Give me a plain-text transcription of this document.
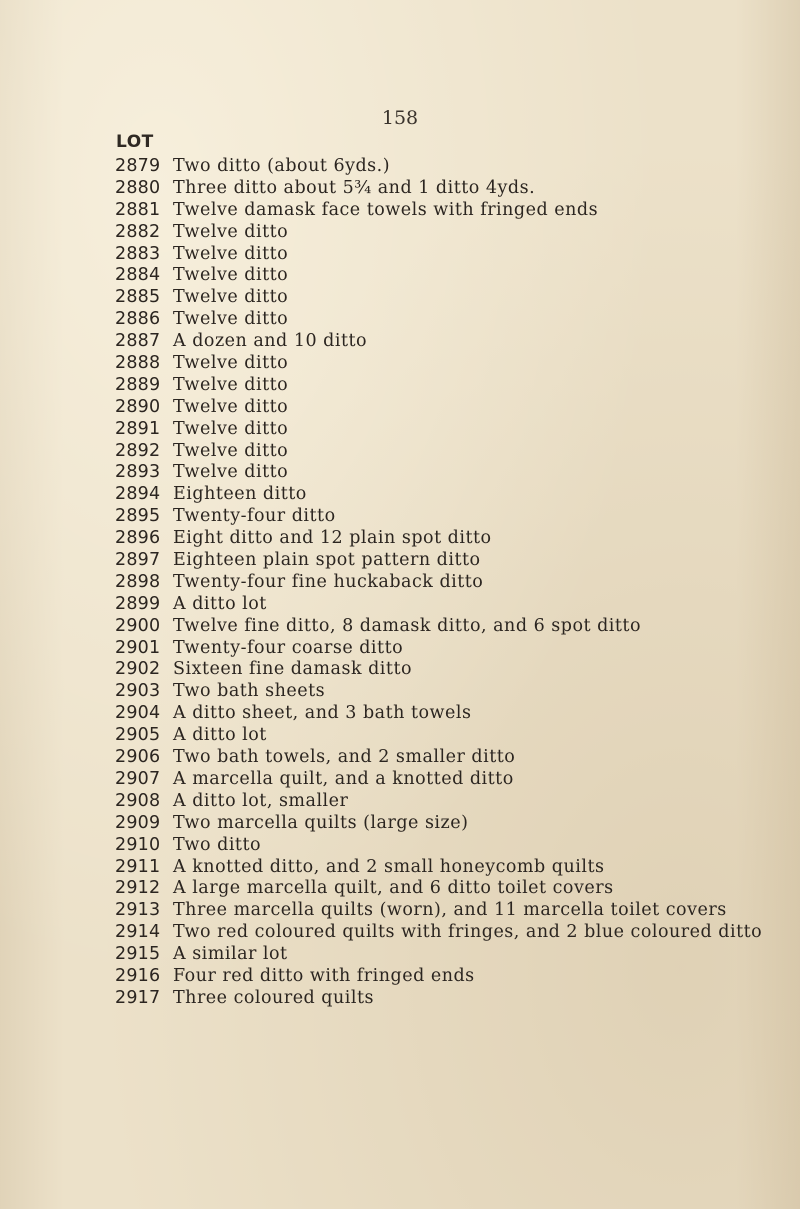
158
LOT
2879 Two ditto (about 6yds.)
2880 Three ditto about 5¾ and 1 ditto 4yds.
2881 Twelve damask face towels with fringed ends
2882 Twelve ditto
2883 Twelve ditto
2884 Twelve ditto
2885 Twelve ditto
2886 Twelve ditto
2887 A dozen and 10 ditto
2888 Twelve ditto
2889 Twelve ditto
2890 Twelve ditto
2891 Twelve ditto
2892 Twelve ditto
2893 Twelve ditto
2894 Eighteen ditto
2895 Twenty-four ditto
2896 Eight ditto and 12 plain spot ditto
2897 Eighteen plain spot pattern ditto
2898 Twenty-four fine huckaback ditto
2899 A ditto lot
2900 Twelve fine ditto, 8 damask ditto, and 6 spot ditto
2901 Twenty-four coarse ditto
2902 Sixteen fine damask ditto
2903 Two bath sheets
2904 A ditto sheet, and 3 bath towels
2905 A ditto lot
2906 Two bath towels, and 2 smaller ditto
2907 A marcella quilt, and a knotted ditto
2908 A ditto lot, smaller
2909 Two marcella quilts (large size)
2910 Two ditto
2911 A knotted ditto, and 2 small honeycomb quilts
2912 A large marcella quilt, and 6 ditto toilet covers
2913 Three marcella quilts (worn), and 11 marcella toilet covers
2914 Two red coloured quilts with fringes, and 2 blue coloured ditto
2915 A similar lot
2916 Four red ditto with fringed ends
2917 Three coloured quilts
